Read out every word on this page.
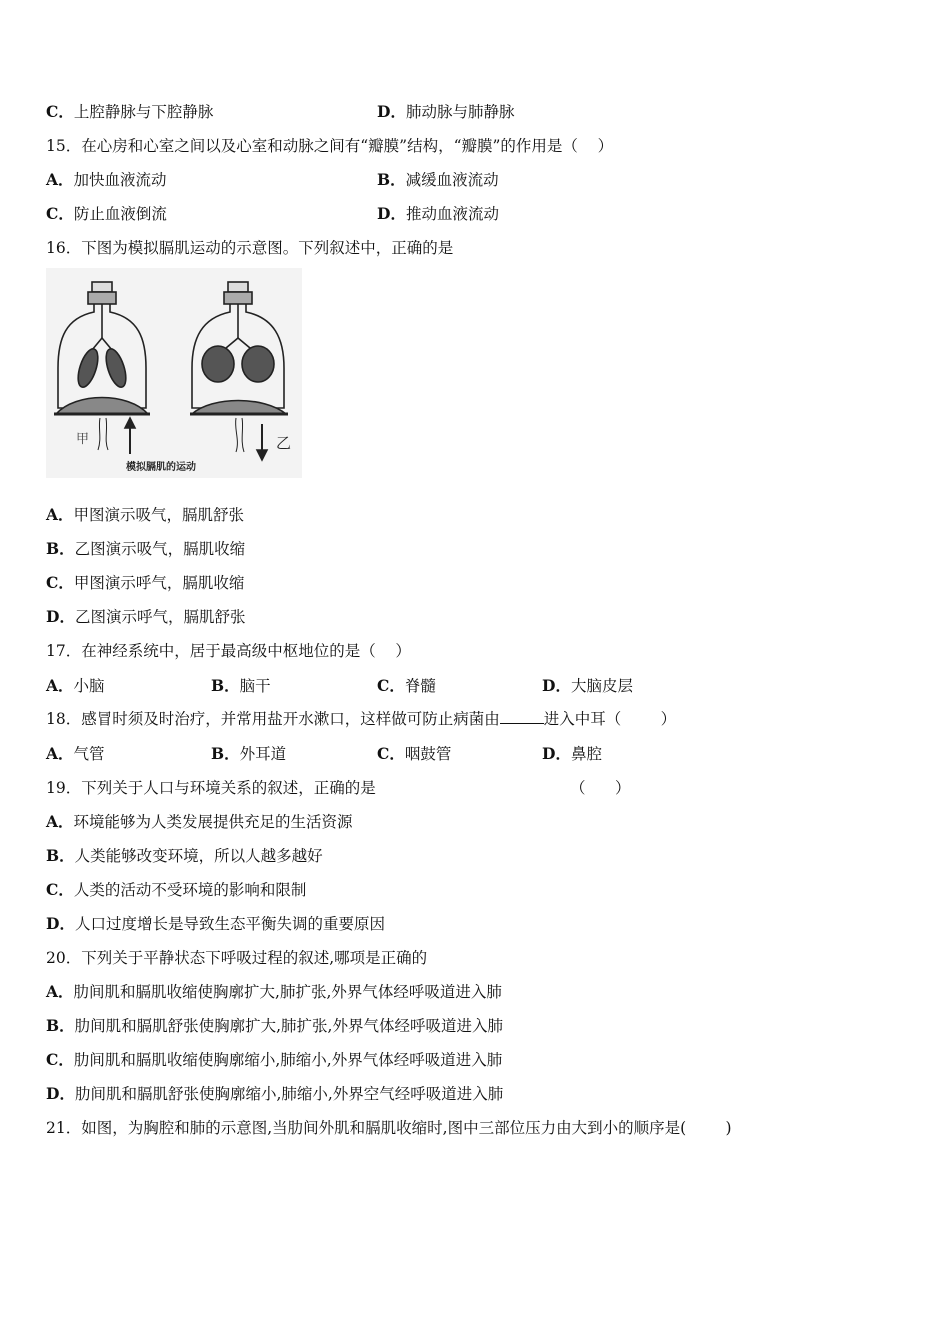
C．上腔静脉与下腔静脉	D．肺动脉与肺静脉
15．在心房和心室之间以及心室和动脉之间有“瓣膜”结构，“瓣膜”的作用是（    ）
A．加快血液流动	B．减缓血液流动
C．防止血液倒流	D．推动血液流动
16．下图为模拟膈肌运动的示意图。下列叙述中，正确的是
甲	乙
模拟膈肌的运动
A．甲图演示吸气，膈肌舒张
B．乙图演示吸气，膈肌收缩
C．甲图演示呼气，膈肌收缩
D．乙图演示呼气，膈肌舒张
17．在神经系统中，居于最高级中枢地位的是（    ）
A．小脑	B．脑干	C．脊髓	D．大脑皮层
18．感冒时须及时治疗，并常用盐开水漱口，这样做可防止病菌由	进入中耳（        ）
A．气管	B．外耳道	C．咽鼓管	D．鼻腔
19．下列关于人口与环境关系的叙述，正确的是	（      ）
A．环境能够为人类发展提供充足的生活资源
B．人类能够改变环境，所以人越多越好
C．人类的活动不受环境的影响和限制
D．人口过度增长是导致生态平衡失调的重要原因
20．下列关于平静状态下呼吸过程的叙述,哪项是正确的
A．肋间肌和膈肌收缩使胸廓扩大,肺扩张,外界气体经呼吸道进入肺
B．肋间肌和膈肌舒张使胸廓扩大,肺扩张,外界气体经呼吸道进入肺
C．肋间肌和膈肌收缩使胸廓缩小,肺缩小,外界气体经呼吸道进入肺
D．肋间肌和膈肌舒张使胸廓缩小,肺缩小,外界空气经呼吸道进入肺
21．如图，为胸腔和肺的示意图,当肋间外肌和膈肌收缩时,图中三部位压力由大到小的顺序是(        )
